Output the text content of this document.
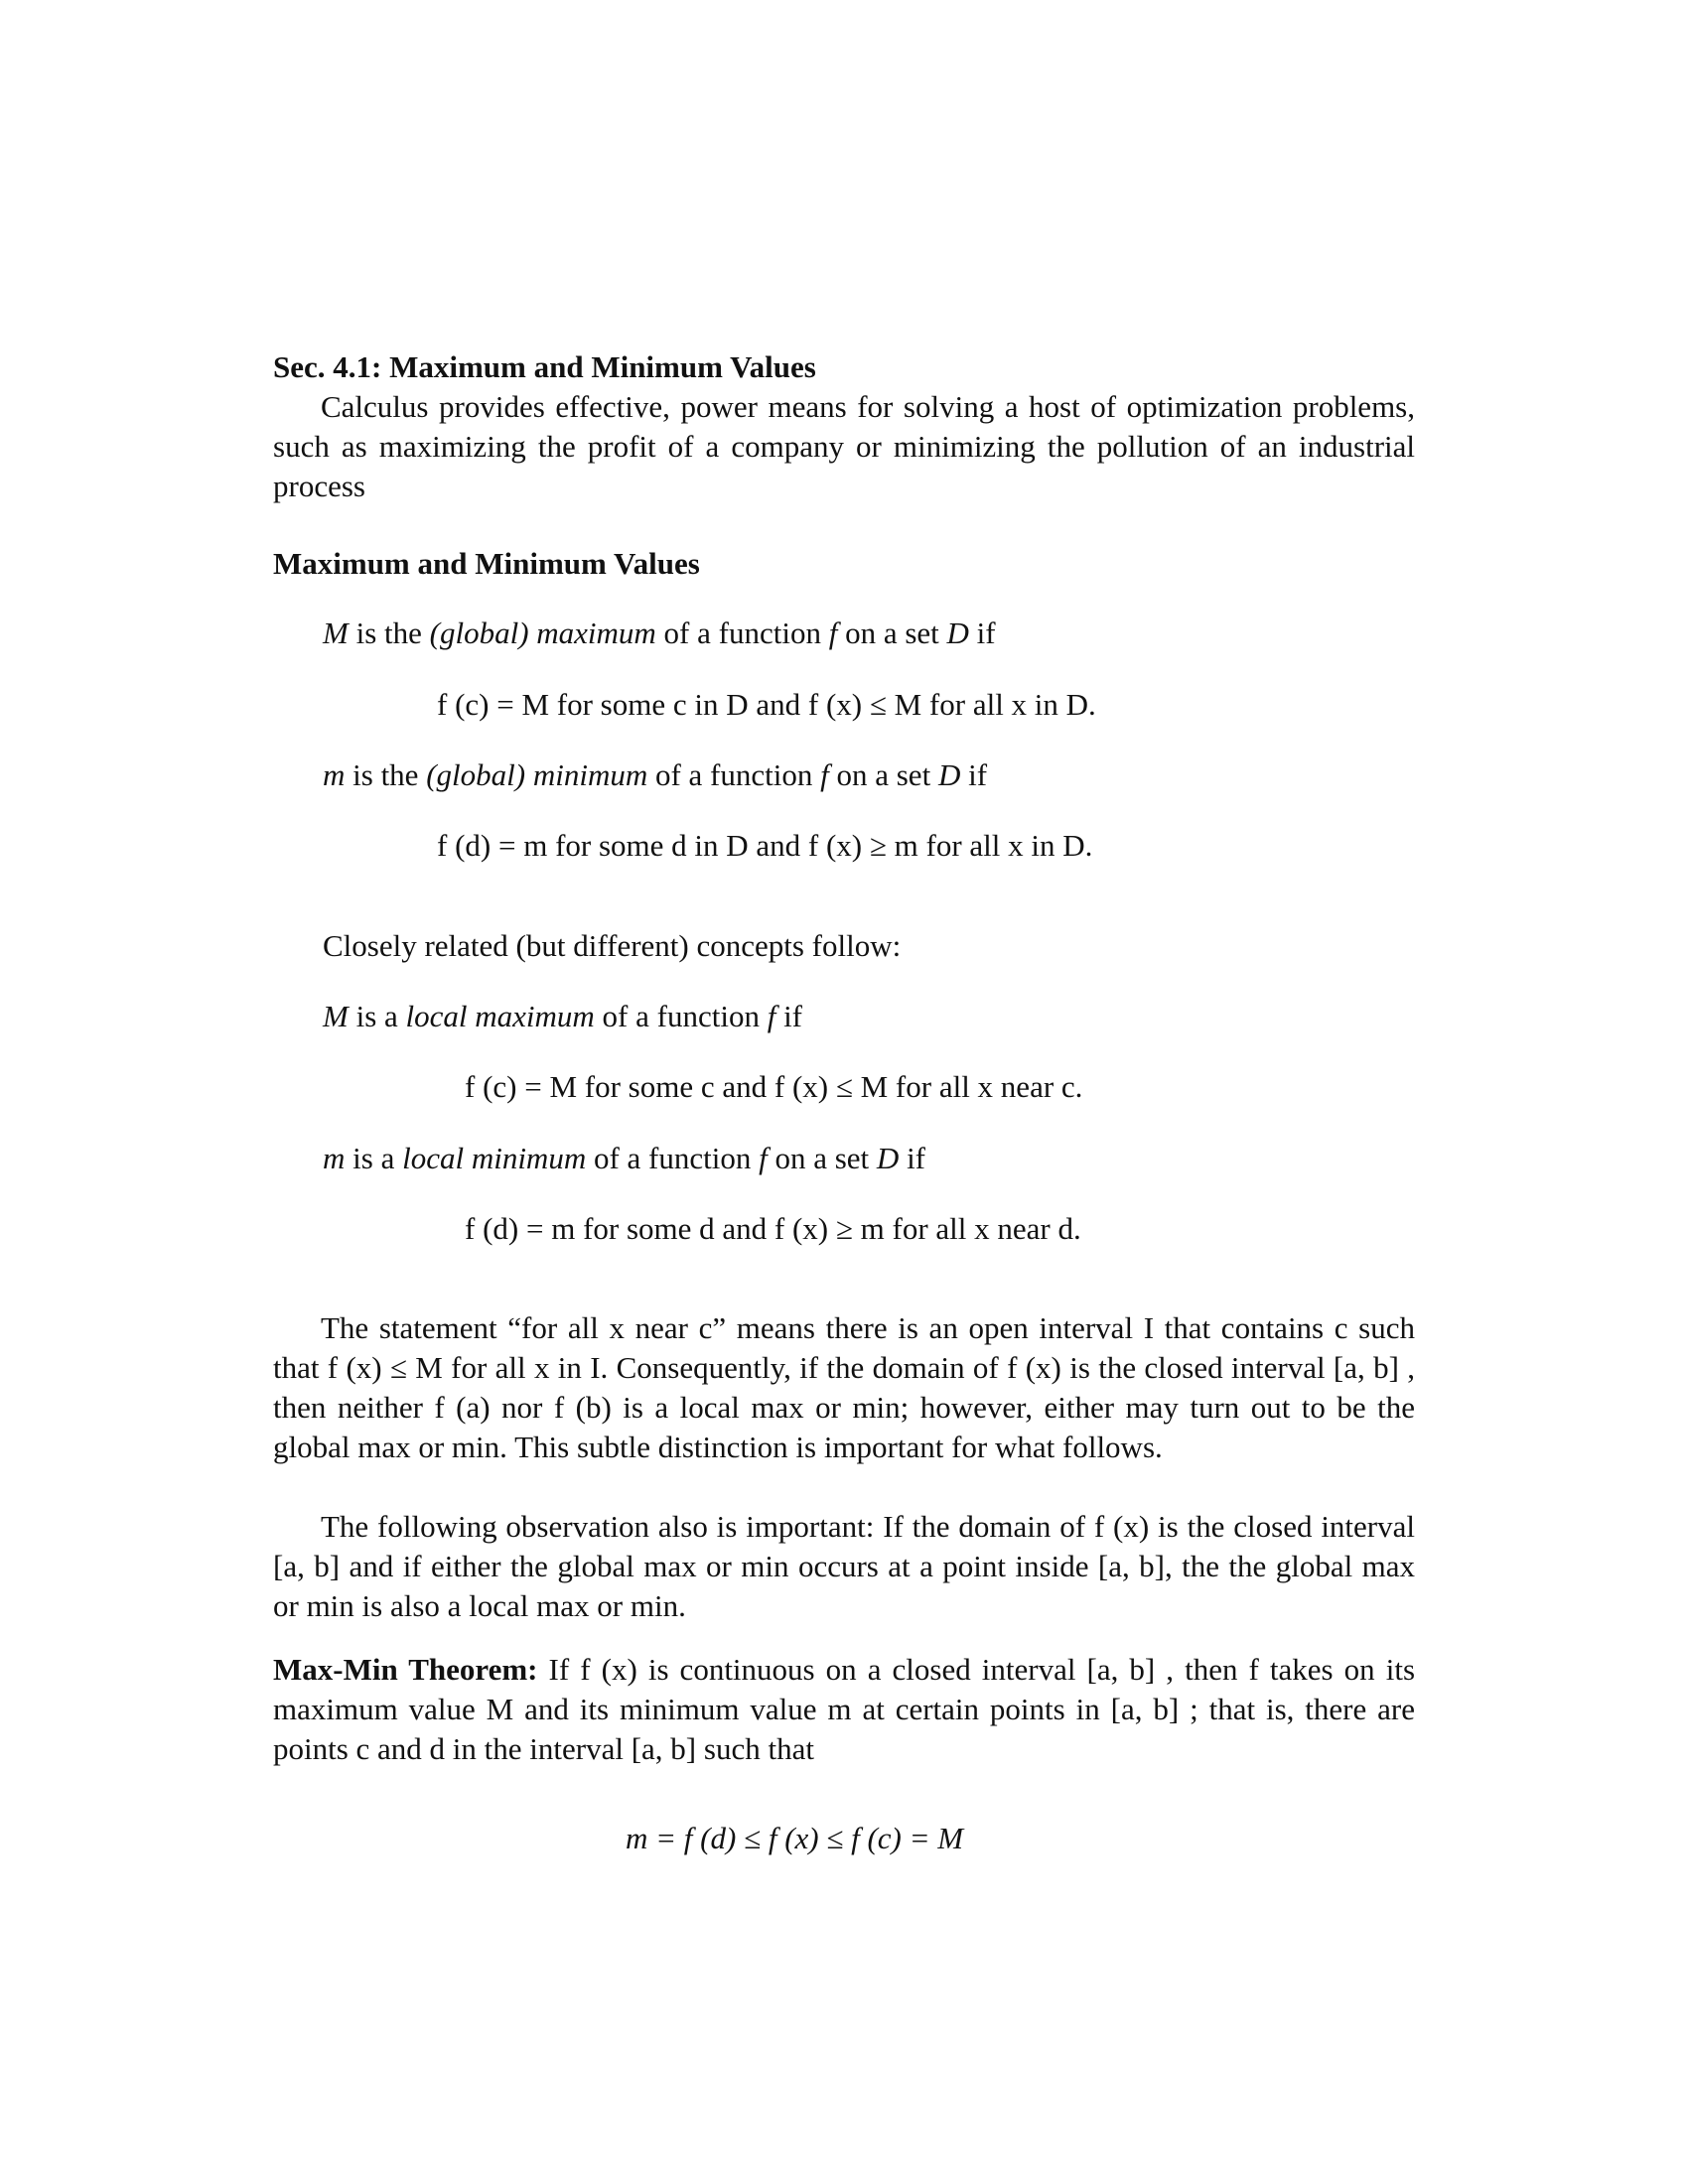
Sec. 4.1: Maximum and Minimum Values

Calculus provides effective, power means for solving a host of optimization problems, such as maximizing the profit of a company or minimizing the pollution of an industrial process

Maximum and Minimum Values
M is the (global) maximum of a function f on a set D if
f (c) = M for some c in D and f (x) ≤ M for all x in D.
m is the (global) minimum of a function f on a set D if
f (d) = m for some d in D and f (x) ≥ m for all x in D.
Closely related (but different) concepts follow:
M is a local maximum of a function f if
f (c) = M for some c and f (x) ≤ M for all x near c.
m is a local minimum of a function f on a set D if
f (d) = m for some d and f (x) ≥ m for all x near d.

The statement “for all x near c” means there is an open interval I that contains c such that f (x) ≤ M for all x in I. Consequently, if the domain of f (x) is the closed interval [a, b] , then neither f (a) nor f (b) is a local max or min; however, either may turn out to be the global max or min. This subtle distinction is important for what follows.

The following observation also is important: If the domain of f (x) is the closed interval [a, b] and if either the global max or min occurs at a point inside [a, b], the the global max or min is also a local max or min.

Max-Min Theorem: If f (x) is continuous on a closed interval [a, b] , then f takes on its maximum value M and its minimum value m at certain points in [a, b] ; that is, there are points c and d in the interval [a, b] such that

m = f (d) ≤ f (x) ≤ f (c) = M
